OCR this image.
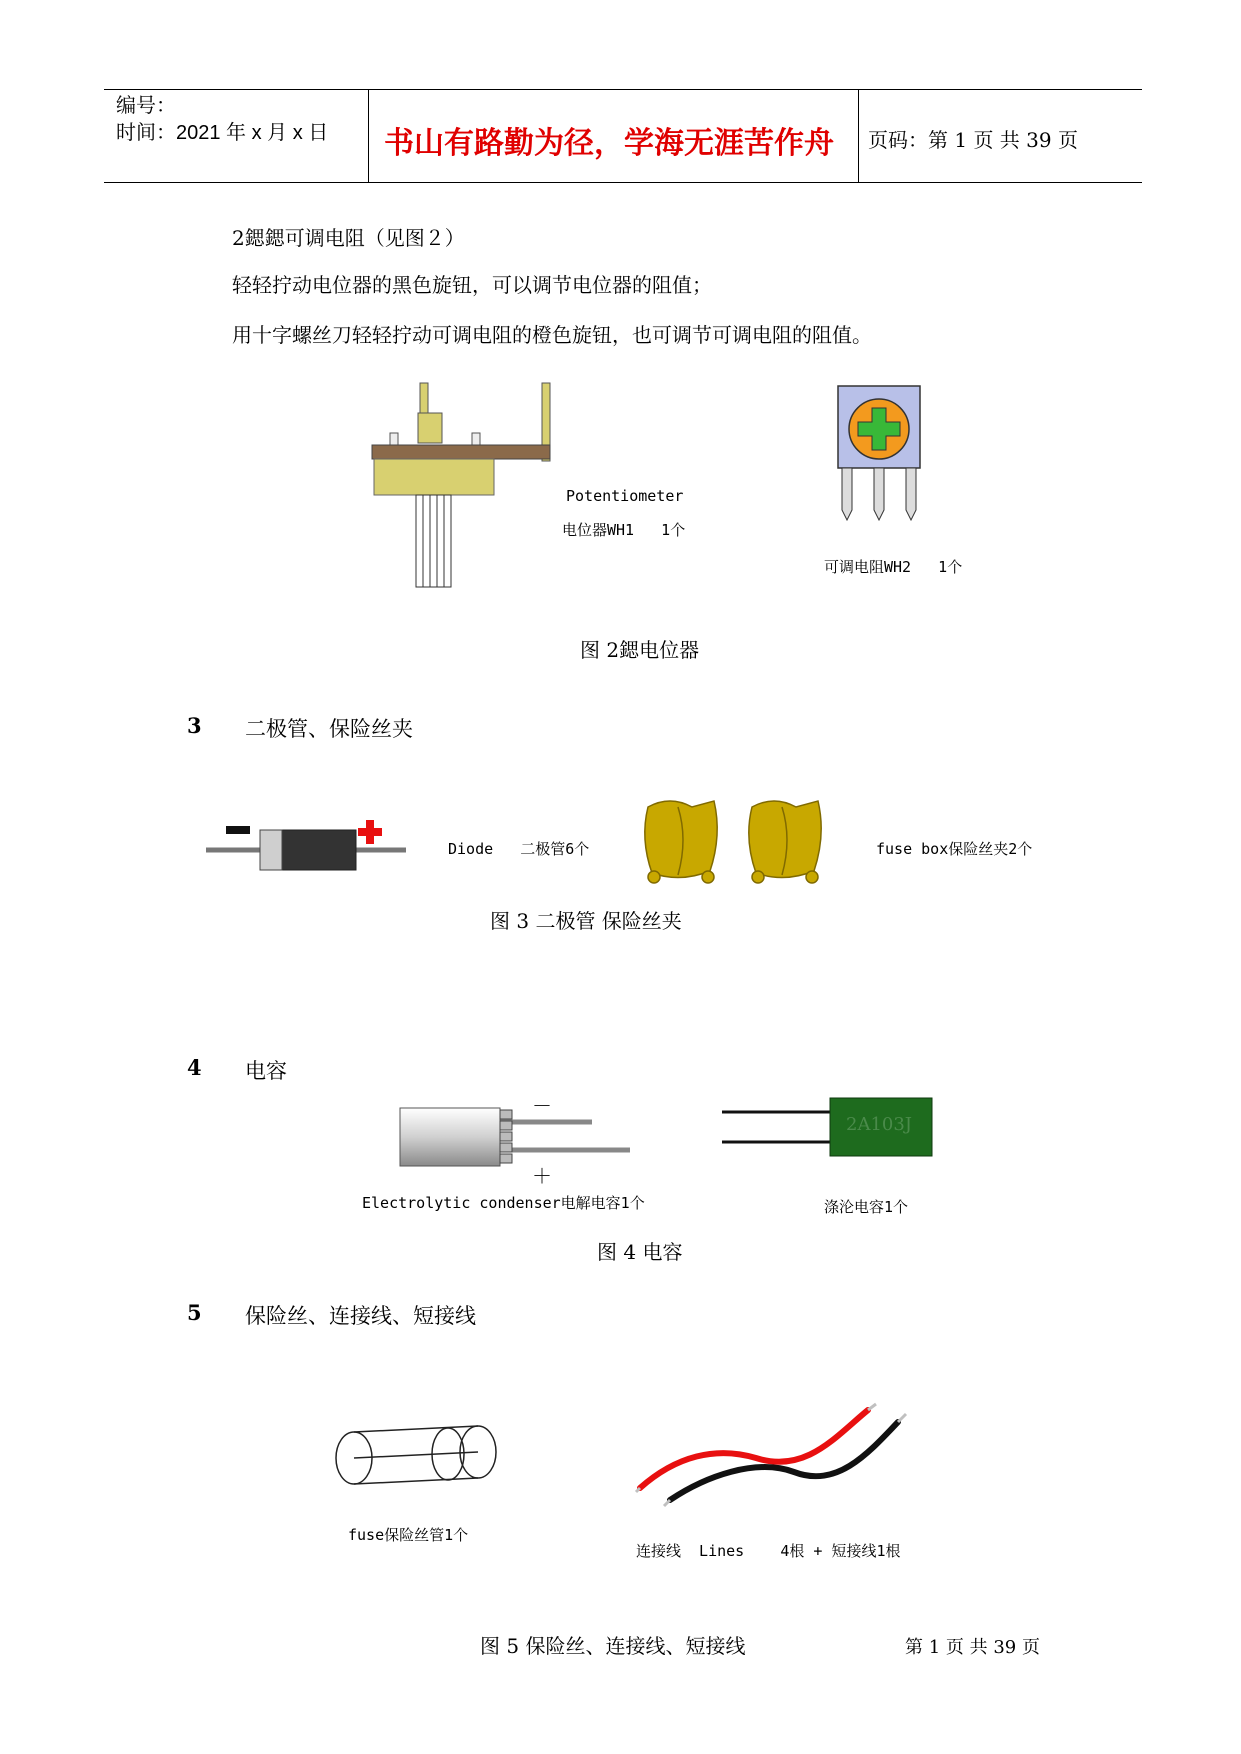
编号：
时间：2021 年 x 月 x 日	书山有路勤为径，学海无涯苦作舟	页码：第 1 页 共 39 页
2鍶鍶可调电阻（见图２）
轻轻拧动电位器的黑色旋钮，可以调节电位器的阻值；
用十字螺丝刀轻轻拧动可调电阻的橙色旋钮，也可调节可调电阻的阻值。
Potentiometer
电位器WH1   1个
可调电阻WH2   1个
图 2鍶电位器
3 二极管、保险丝夹
Diode   二极管6个	fuse box保险丝夹2个
图 3 二极管 保险丝夹
4 电容
－
＋
Electrolytic condenser电解电容1个
2A103J
涤沦电容1个
图 4 电容
5 保险丝、连接线、短接线
fuse保险丝管1个
连接线  Lines    4根 + 短接线1根
图 5 保险丝、连接线、短接线	第 1 页 共 39 页
